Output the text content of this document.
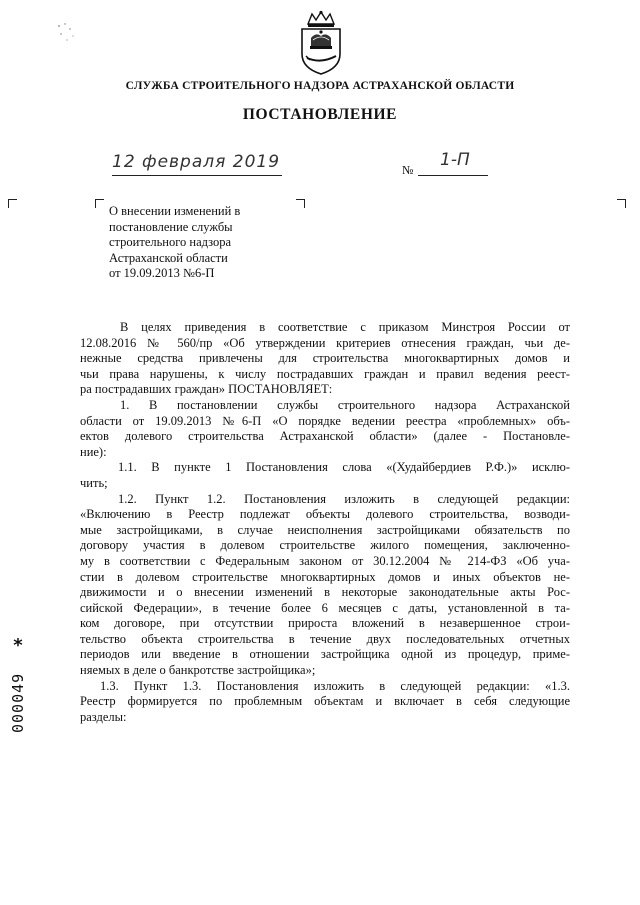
СЛУЖБА СТРОИТЕЛЬНОГО НАДЗОРА АСТРАХАНСКОЙ ОБЛАСТИ
ПОСТАНОВЛЕНИЕ
12 февраля 2019	№ 1-П
О внесении изменений в
постановление службы
строительного надзора
Астраханской области
от 19.09.2013 №6-П
В целях приведения в соответствие с приказом Минстроя России от
12.08.2016 № 560/пр «Об утверждении критериев отнесения граждан, чьи де-
нежные средства привлечены для строительства многоквартирных домов и
чьи права нарушены, к числу пострадавших граждан и правил ведения реест-
ра пострадавших граждан» ПОСТАНОВЛЯЕТ:
1. В постановлении службы строительного надзора Астраханской
области от 19.09.2013 №6-П «О порядке ведении реестра «проблемных» объ-
ектов долевого строительства Астраханской области» (далее - Постановле-
ние):
1.1. В пункте 1 Постановления слова «(Худайбердиев Р.Ф.)» исклю-
чить;
1.2. Пункт 1.2. Постановления изложить в следующей редакции:
«Включению в Реестр подлежат объекты долевого строительства, возводи-
мые застройщиками, в случае неисполнения застройщиками обязательств по
договору участия в долевом строительстве жилого помещения, заключенно-
му в соответствии с Федеральным законом от 30.12.2004 № 214-ФЗ «Об уча-
стии в долевом строительстве многоквартирных домов и иных объектов не-
движимости и о внесении изменений в некоторые законодательные акты Рос-
сийской Федерации», в течение более 6 месяцев с даты, установленной в та-
ком договоре, при отсутствии прироста вложений в незавершенное строи-
тельство объекта строительства в течение двух последовательных отчетных
периодов или введение в отношении застройщика одной из процедур, приме-
няемых в деле о банкротстве застройщика»;
1.3. Пункт 1.3. Постановления изложить в следующей редакции: «1.3.
Реестр формируется по проблемным объектам и включает в себя следующие
разделы:
*
000049
